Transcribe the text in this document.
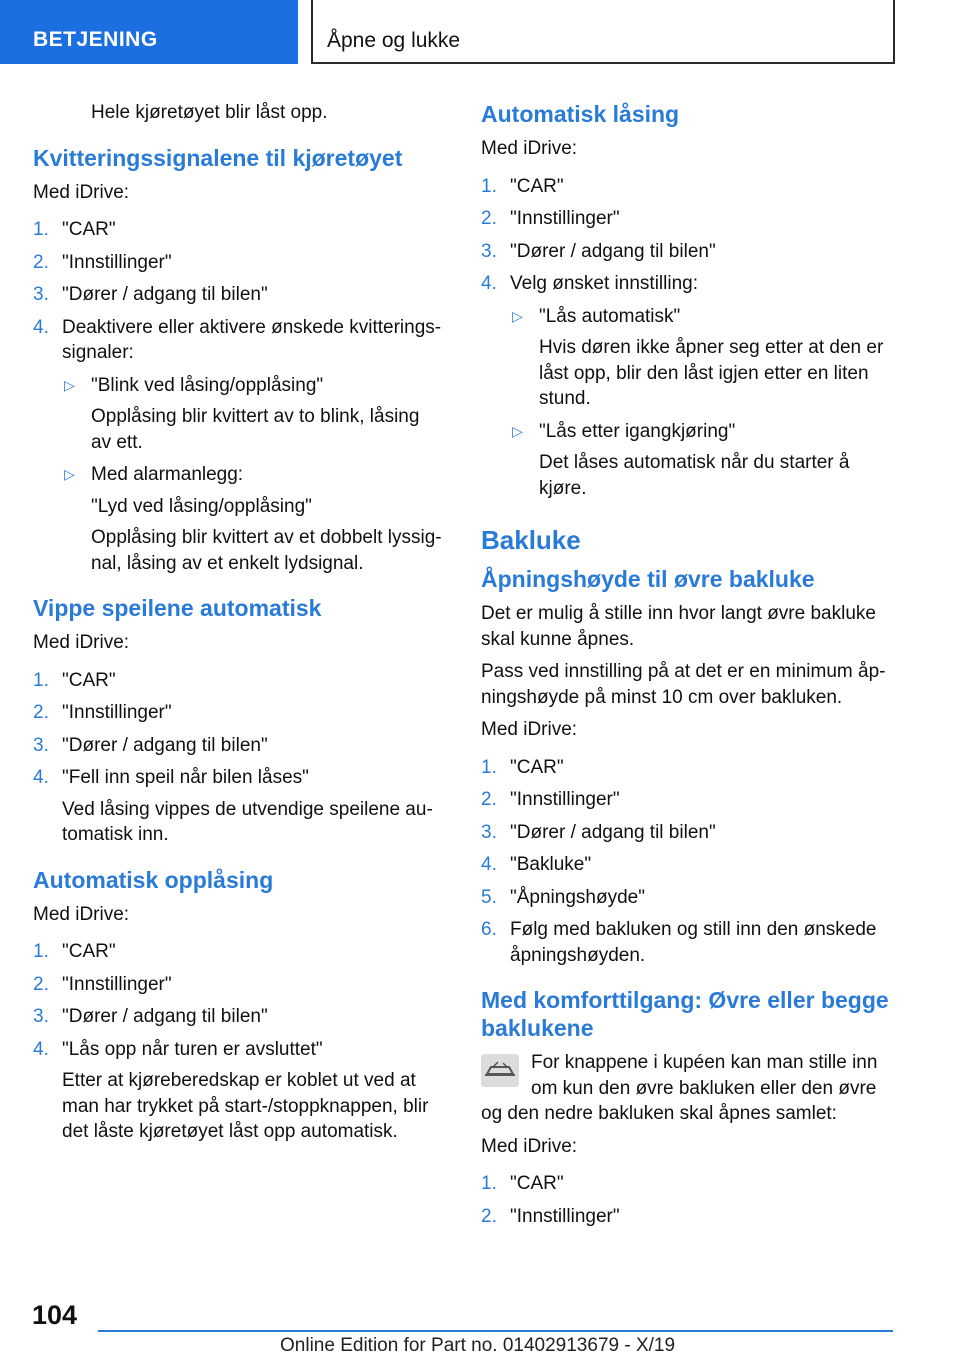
BETJENING	Åpne og lukke

Hele kjøretøyet blir låst opp.

Kvitteringssignalene til kjøretøyet

Med iDrive:

1. "CAR"
2. "Innstillinger"
3. "Dører / adgang til bilen"
4. Deaktivere eller aktivere ønskede kvitteringssignaler:
▷ "Blink ved låsing/opplåsing"
Opplåsing blir kvittert av to blink, låsing av ett.
▷ Med alarmanlegg:
"Lyd ved låsing/opplåsing"
Opplåsing blir kvittert av et dobbelt lyssignal, låsing av et enkelt lydsignal.
Vippe speilene automatisk

Med iDrive:

1. "CAR"
2. "Innstillinger"
3. "Dører / adgang til bilen"
4. "Fell inn speil når bilen låses"
Ved låsing vippes de utvendige speilene automatisk inn.
Automatisk opplåsing

Med iDrive:

1. "CAR"
2. "Innstillinger"
3. "Dører / adgang til bilen"
4. "Lås opp når turen er avsluttet"
Etter at kjøreberedskap er koblet ut ved at man har trykket på start-/stoppknappen, blir det låste kjøretøyet låst opp automatisk.
Automatisk låsing

Med iDrive:

1. "CAR"
2. "Innstillinger"
3. "Dører / adgang til bilen"
4. Velg ønsket innstilling:
▷ "Lås automatisk"
Hvis døren ikke åpner seg etter at den er låst opp, blir den låst igjen etter en liten stund.
▷ "Lås etter igangkjøring"
Det låses automatisk når du starter å kjøre.
Bakluke
Åpningshøyde til øvre bakluke

Det er mulig å stille inn hvor langt øvre bakluke skal kunne åpnes.

Pass ved innstilling på at det er en minimum åpningshøyde på minst 10 cm over bakluken.

Med iDrive:

1. "CAR"
2. "Innstillinger"
3. "Dører / adgang til bilen"
4. "Bakluke"
5. "Åpningshøyde"
6. Følg med bakluken og still inn den ønskede åpningshøyden.
Med komforttilgang: Øvre eller begge baklukene

For knappene i kupéen kan man stille inn om kun den øvre bakluken eller den øvre og den nedre bakluken skal åpnes samlet:

Med iDrive:

1. "CAR"
2. "Innstillinger"
104
Online Edition for Part no. 01402913679 - X/19
